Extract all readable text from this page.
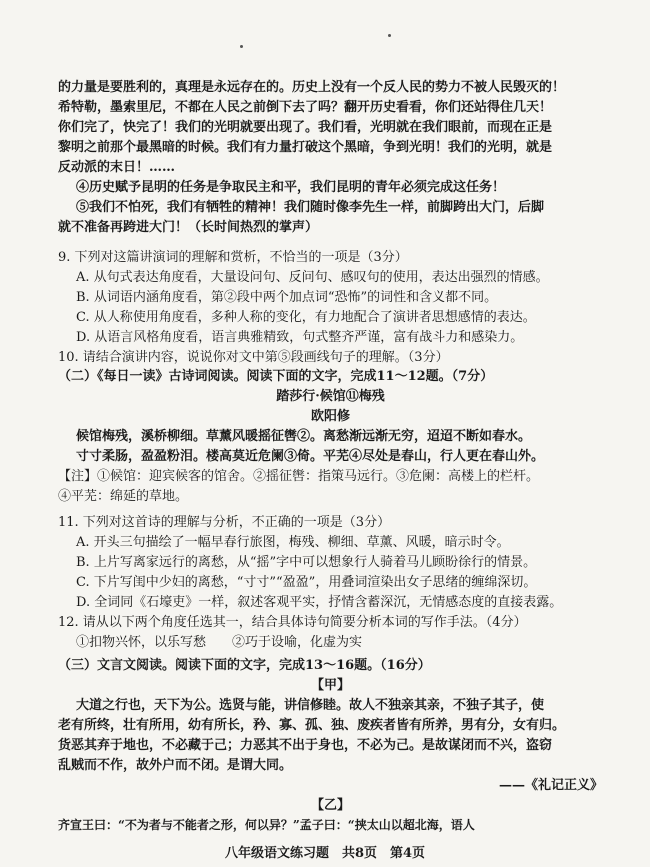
的力量是要胜利的，真理是永远存在的。历史上没有一个反人民的势力不被人民毁灭的！
希特勒，墨索里尼，不都在人民之前倒下去了吗？翻开历史看看，你们还站得住几天！
你们完了，快完了！我们的光明就要出现了。我们看，光明就在我们眼前，而现在正是
黎明之前那个最黑暗的时候。我们有力量打破这个黑暗，争到光明！我们的光明，就是
反动派的末日！……
④历史赋予昆明的任务是争取民主和平，我们昆明的青年必须完成这任务！
⑤我们不怕死，我们有牺牲的精神！我们随时像李先生一样，前脚跨出大门，后脚
就不准备再跨进大门！（长时间热烈的掌声）
9. 下列对这篇讲演词的理解和赏析，不恰当的一项是（3分）
A. 从句式表达角度看，大量设问句、反问句、感叹句的使用，表达出强烈的情感。
B. 从词语内涵角度看，第②段中两个加点词“恐怖”的词性和含义都不同。
C. 从人称使用角度看，多种人称的变化，有力地配合了演讲者思想感情的表达。
D. 从语言风格角度看，语言典雅精致，句式整齐严谨，富有战斗力和感染力。
10. 请结合演讲内容，说说你对文中第⑤段画线句子的理解。（3分）
（二）《每日一读》古诗词阅读。阅读下面的文字，完成11～12题。（7分）
踏莎行·候馆⑪梅残
欧阳修
候馆梅残，溪桥柳细。草薰风暖摇征辔②。离愁渐远渐无穷，迢迢不断如春水。
寸寸柔肠，盈盈粉泪。楼高莫近危阑③倚。平芜④尽处是春山，行人更在春山外。
【注】①候馆：迎宾候客的馆舍。②摇征辔：指策马远行。③危阑：高楼上的栏杆。
④平芜：绵延的草地。
11. 下列对这首诗的理解与分析，不正确的一项是（3分）
A. 开头三句描绘了一幅早春行旅图，梅残、柳细、草薰、风暖，暗示时令。
B. 上片写离家远行的离愁，从“摇”字中可以想象行人骑着马儿顾盼徐行的情景。
C. 下片写闺中少妇的离愁，“寸寸”“盈盈”，用叠词渲染出女子思绪的缠绵深切。
D. 全词同《石壕吏》一样，叙述客观平实，抒情含蓄深沉，无情感态度的直接表露。
12. 请从以下两个角度任选其一，结合具体诗句简要分析本词的写作手法。（4分）
①扣物兴怀，以乐写愁　　②巧于设喻，化虚为实
（三）文言文阅读。阅读下面的文字，完成13～16题。（16分）
【甲】
大道之行也，天下为公。选贤与能，讲信修睦。故人不独亲其亲，不独子其子，使
老有所终，壮有所用，幼有所长，矜、寡、孤、独、废疾者皆有所养，男有分，女有归。
货恶其弃于地也，不必藏于己；力恶其不出于身也，不必为己。是故谋闭而不兴，盗窃
乱贼而不作，故外户而不闭。是谓大同。
——《礼记正义》
【乙】
齐宣王曰：“不为者与不能者之形，何以异？”孟子曰：“挟太山以超北海，语人
八年级语文练习题　共8页　第4页
